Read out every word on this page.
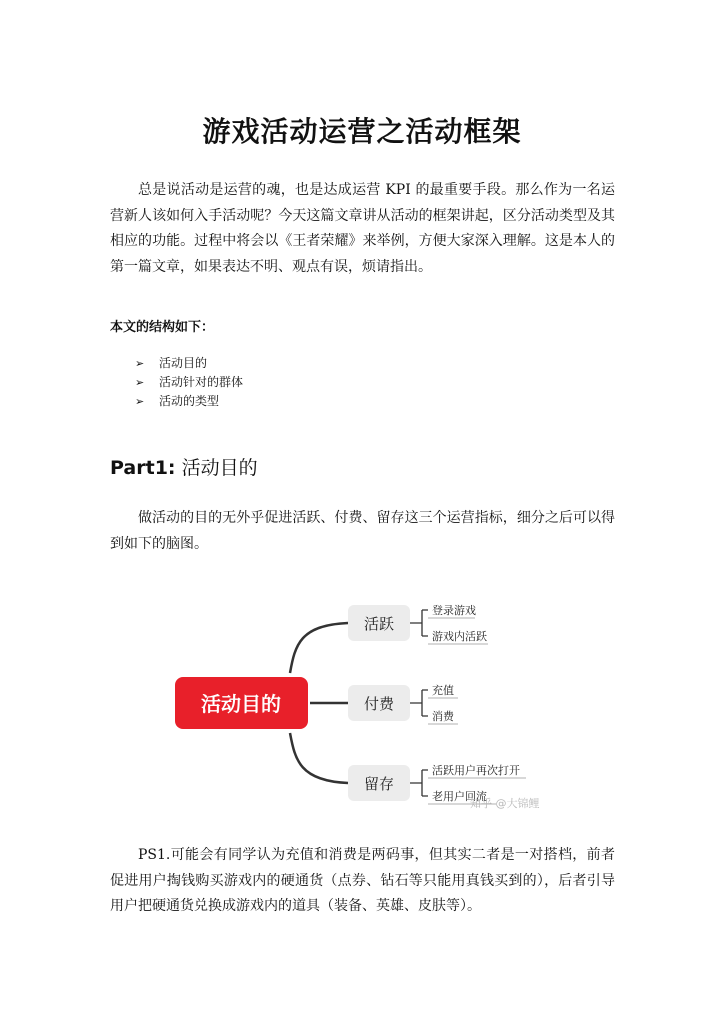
游戏活动运营之活动框架
总是说活动是运营的魂，也是达成运营 KPI 的最重要手段。那么作为一名运营新人该如何入手活动呢？今天这篇文章讲从活动的框架讲起，区分活动类型及其相应的功能。过程中将会以《王者荣耀》来举例，方便大家深入理解。这是本人的第一篇文章，如果表达不明、观点有误，烦请指出。
本文的结构如下：
➢ 活动目的
➢ 活动针对的群体
➢ 活动的类型
Part1: 活动目的
做活动的目的无外乎促进活跃、付费、留存这三个运营指标，细分之后可以得到如下的脑图。
活动目的
活跃
登录游戏
游戏内活跃
付费
充值
消费
留存
活跃用户再次打开
老用户回流
知乎 @大锦鲤
PS1.可能会有同学认为充值和消费是两码事，但其实二者是一对搭档，前者促进用户掏钱购买游戏内的硬通货（点券、钻石等只能用真钱买到的），后者引导用户把硬通货兑换成游戏内的道具（装备、英雄、皮肤等）。
